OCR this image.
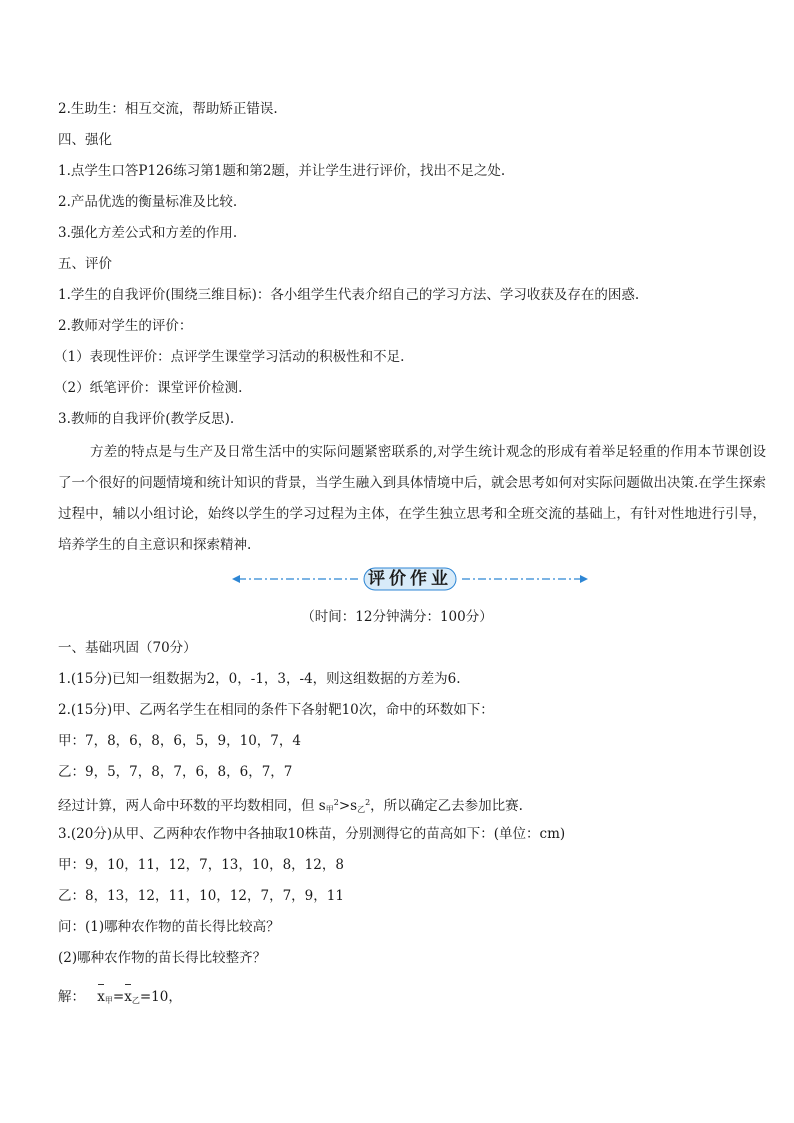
2.生助生：相互交流，帮助矫正错误.
四、强化
1.点学生口答P126练习第1题和第2题，并让学生进行评价，找出不足之处.
2.产品优选的衡量标准及比较.
3.强化方差公式和方差的作用.
五、评价
1.学生的自我评价(围绕三维目标)：各小组学生代表介绍自己的学习方法、学习收获及存在的困惑.
2.教师对学生的评价：
（1）表现性评价：点评学生课堂学习活动的积极性和不足.
（2）纸笔评价：课堂评价检测.
3.教师的自我评价(教学反思).
方差的特点是与生产及日常生活中的实际问题紧密联系的,对学生统计观念的形成有着举足轻重的作用本节课创设了一个很好的问题情境和统计知识的背景，当学生融入到具体情境中后，就会思考如何对实际问题做出决策.在学生探索过程中，辅以小组讨论，始终以学生的学习过程为主体，在学生独立思考和全班交流的基础上，有针对性地进行引导，培养学生的自主意识和探索精神.
评价作业
（时间：12分钟满分：100分）
一、基础巩固（70分）
1.(15分)已知一组数据为2，0，-1，3，-4，则这组数据的方差为6.
2.(15分)甲、乙两名学生在相同的条件下各射靶10次，命中的环数如下：
甲：7，8，6，8，6，5，9，10，7，4
乙：9，5，7，8，7，6，8，6，7，7
经过计算，两人命中环数的平均数相同，但 $s_甲^2>s_乙^2$，所以确定乙去参加比赛.
3.(20分)从甲、乙两种农作物中各抽取10株苗，分别测得它的苗高如下：(单位：cm)
甲：9，10，11，12，7，13，10，8，12，8
乙：8，13，12，11，10，12，7，7，9，11
问：(1)哪种农作物的苗长得比较高？
(2)哪种农作物的苗长得比较整齐？
解： $x_甲=x_乙=10$，
